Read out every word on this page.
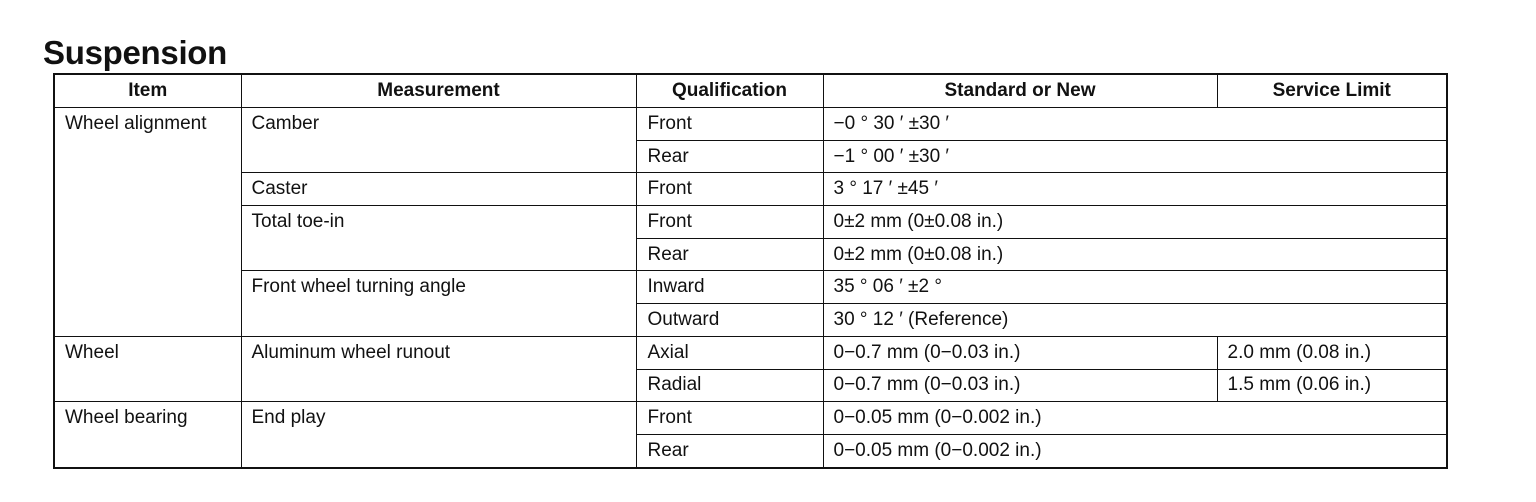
Suspension
Item	Measurement	Qualification	Standard or New	Service Limit
Wheel alignment	Camber	Front	−0 ° 30 ′ ±30 ′	
		Rear	−1 ° 00 ′ ±30 ′	
	Caster	Front	3 ° 17 ′ ±45 ′	
	Total toe-in	Front	0±2 mm (0±0.08 in.)	
		Rear	0±2 mm (0±0.08 in.)	
	Front wheel turning angle	Inward	35 ° 06 ′ ±2 °	
		Outward	30 ° 12 ′ (Reference)	
Wheel	Aluminum wheel runout	Axial	0−0.7 mm (0−0.03 in.)	2.0 mm (0.08 in.)
		Radial	0−0.7 mm (0−0.03 in.)	1.5 mm (0.06 in.)
Wheel bearing	End play	Front	0−0.05 mm (0−0.002 in.)	
		Rear	0−0.05 mm (0−0.002 in.)	
